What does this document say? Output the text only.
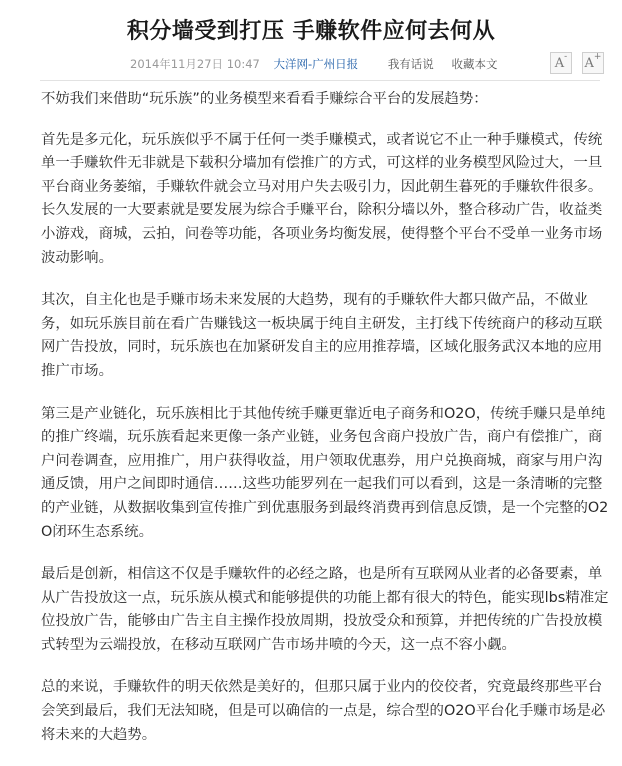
积分墙受到打压 手赚软件应何去何从
2014年11月27日 10:47 大洋网-广州日报	我有话说 收藏本文	A-	A+

不妨我们来借助“玩乐族”的业务模型来看看手赚综合平台的发展趋势：

首先是多元化，玩乐族似乎不属于任何一类手赚模式，或者说它不止一种手赚模式，传统单一手赚软件无非就是下载积分墙加有偿推广的方式，可这样的业务模型风险过大，一旦平台商业务萎缩，手赚软件就会立马对用户失去吸引力，因此朝生暮死的手赚软件很多。长久发展的一大要素就是要发展为综合手赚平台，除积分墙以外，整合移动广告，收益类小游戏，商城，云拍，问卷等功能，各项业务均衡发展，使得整个平台不受单一业务市场波动影响。

其次，自主化也是手赚市场未来发展的大趋势，现有的手赚软件大都只做产品，不做业务，如玩乐族目前在看广告赚钱这一板块属于纯自主研发，主打线下传统商户的移动互联网广告投放，同时，玩乐族也在加紧研发自主的应用推荐墙，区域化服务武汉本地的应用推广市场。

第三是产业链化，玩乐族相比于其他传统手赚更靠近电子商务和O2O，传统手赚只是单纯的推广终端，玩乐族看起来更像一条产业链，业务包含商户投放广告，商户有偿推广，商户问卷调查，应用推广，用户获得收益，用户领取优惠券，用户兑换商城，商家与用户沟通反馈，用户之间即时通信……这些功能罗列在一起我们可以看到，这是一条清晰的完整的产业链，从数据收集到宣传推广到优惠服务到最终消费再到信息反馈，是一个完整的O2O闭环生态系统。

最后是创新，相信这不仅是手赚软件的必经之路，也是所有互联网从业者的必备要素，单从广告投放这一点，玩乐族从模式和能够提供的功能上都有很大的特色，能实现lbs精准定位投放广告，能够由广告主自主操作投放周期，投放受众和预算，并把传统的广告投放模式转型为云端投放，在移动互联网广告市场井喷的今天，这一点不容小觑。

总的来说，手赚软件的明天依然是美好的，但那只属于业内的佼佼者，究竟最终那些平台会笑到最后，我们无法知晓，但是可以确信的一点是，综合型的O2O平台化手赚市场是必将未来的大趋势。
